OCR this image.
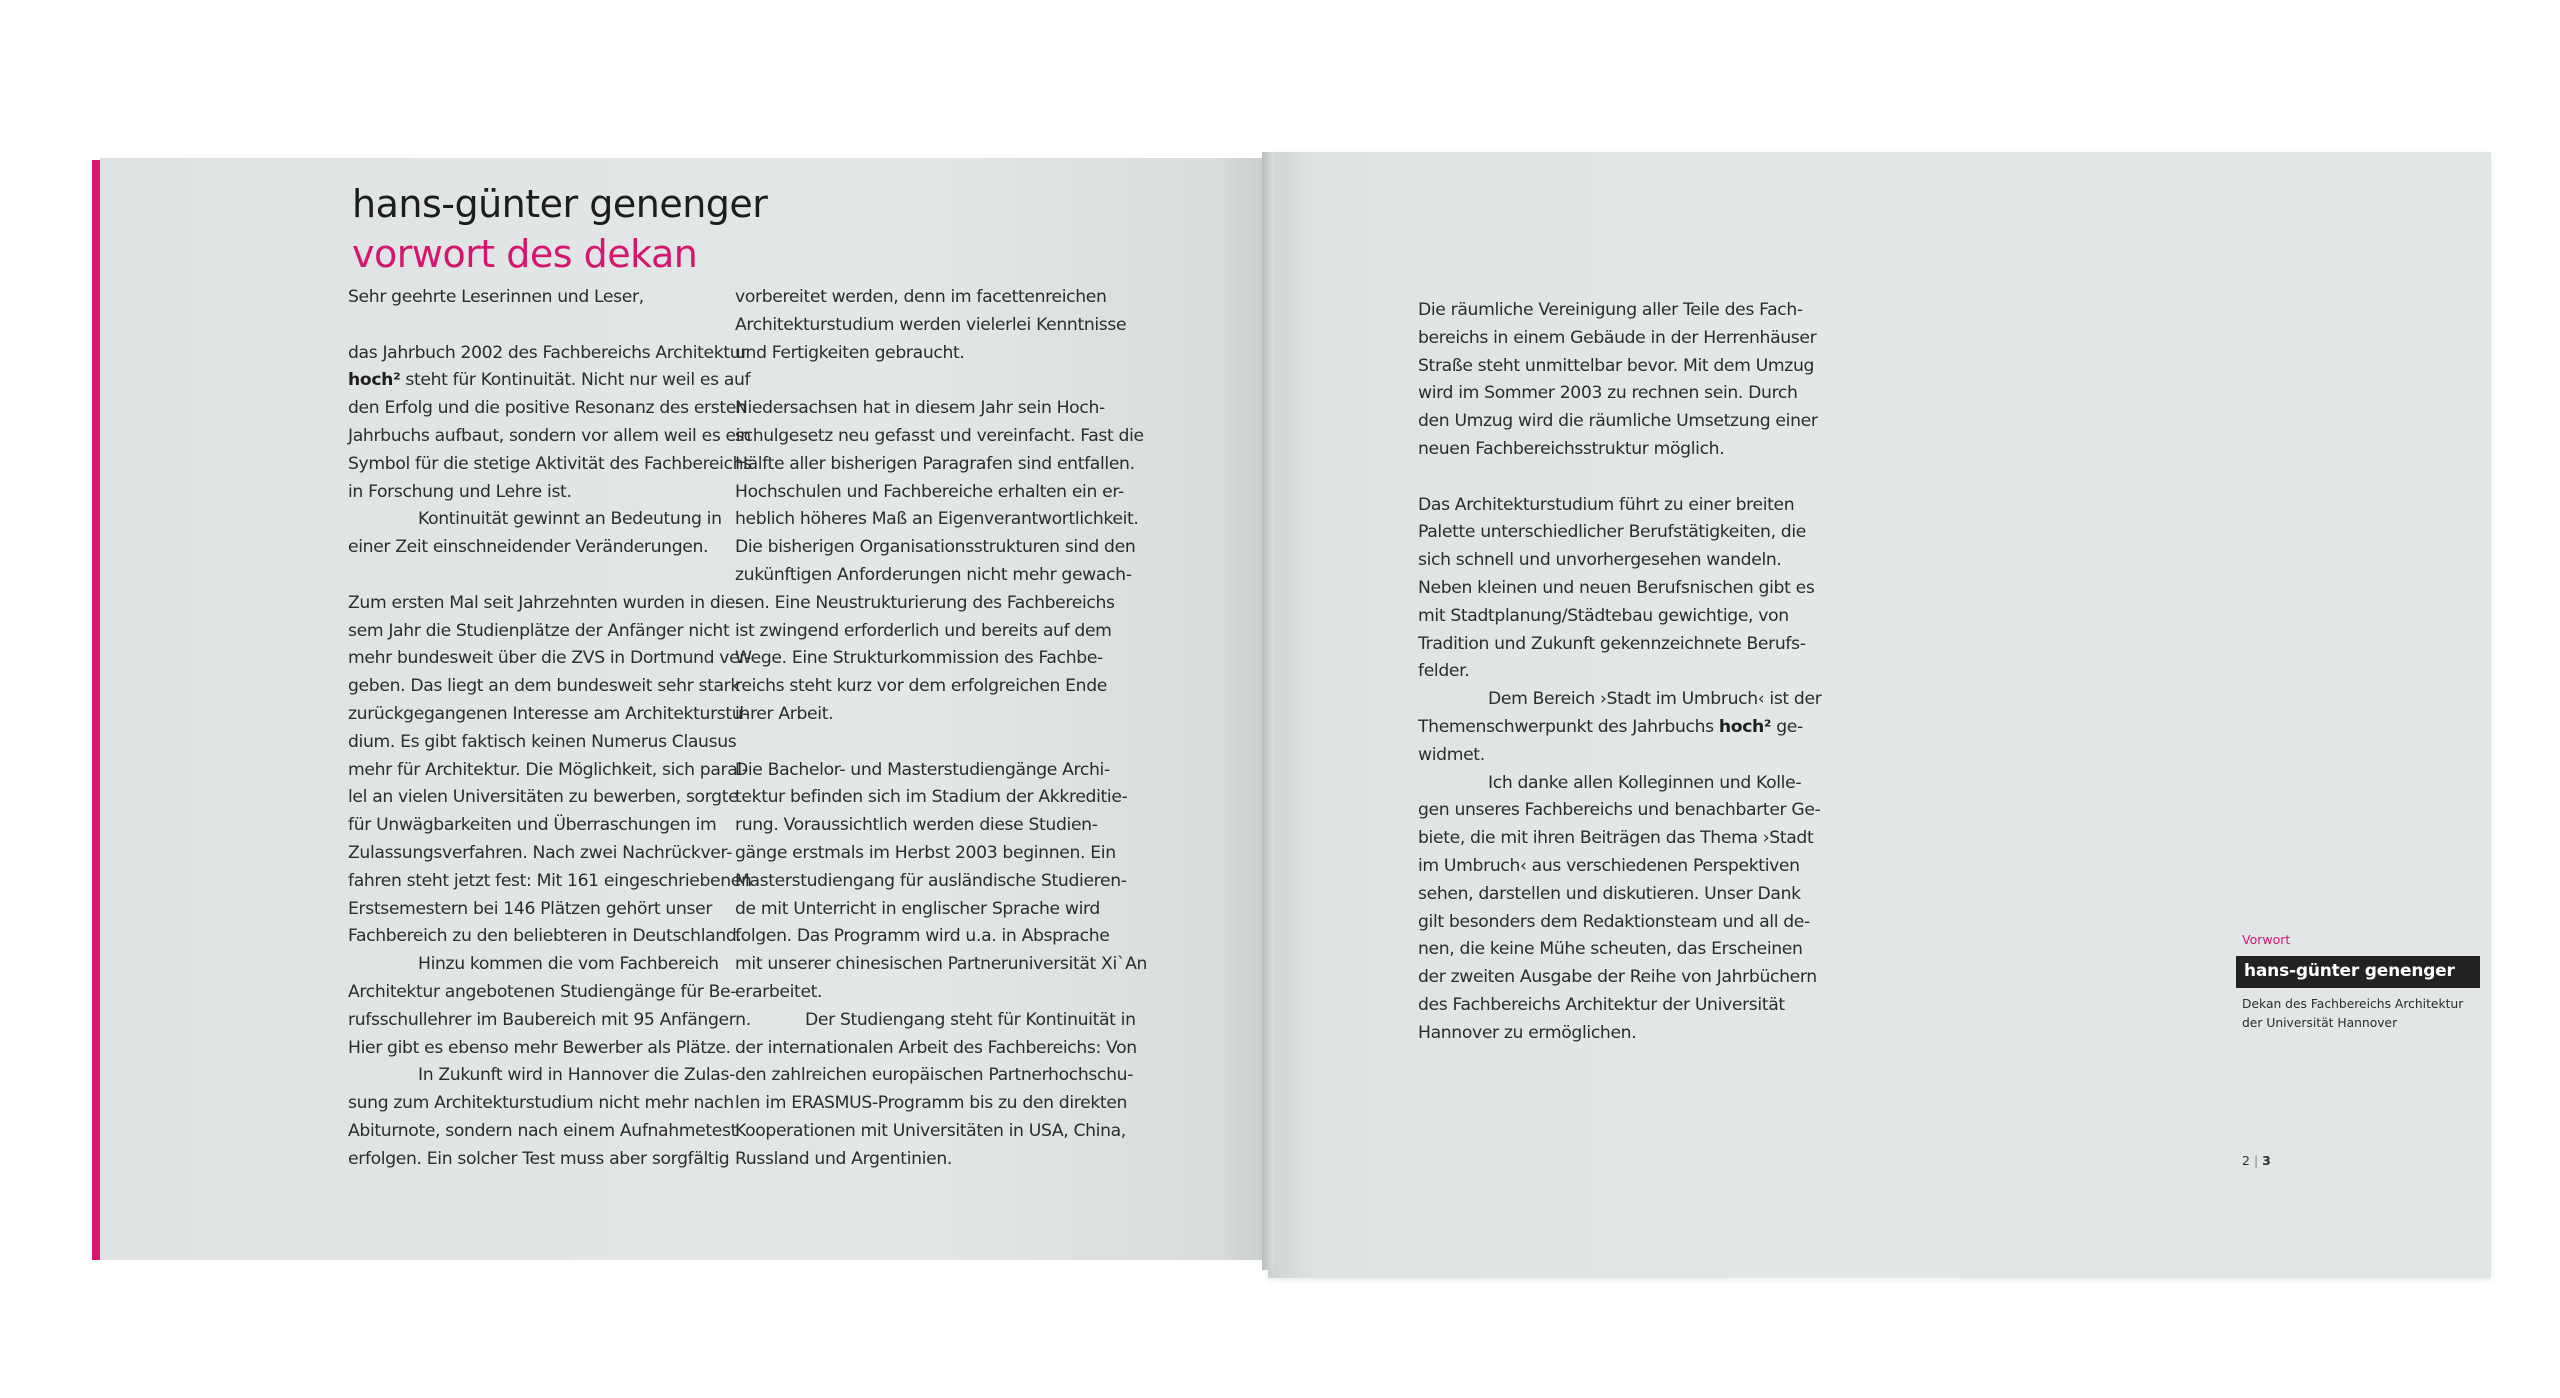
hans-günter genenger
vorwort des dekan

Sehr geehrte Leserinnen und Leser,

das Jahrbuch 2002 des Fachbereichs Architektur

hoch² steht für Kontinuität. Nicht nur weil es auf

den Erfolg und die positive Resonanz des ersten

Jahrbuchs aufbaut, sondern vor allem weil es ein

Symbol für die stetige Aktivität des Fachbereichs

in Forschung und Lehre ist.

Kontinuität gewinnt an Bedeutung in

einer Zeit einschneidender Veränderungen.

Zum ersten Mal seit Jahrzehnten wurden in die-

sem Jahr die Studienplätze der Anfänger nicht

mehr bundesweit über die ZVS in Dortmund ver-

geben. Das liegt an dem bundesweit sehr stark

zurückgegangenen Interesse am Architekturstu-

dium. Es gibt faktisch keinen Numerus Clausus

mehr für Architektur. Die Möglichkeit, sich paral-

lel an vielen Universitäten zu bewerben, sorgte

für Unwägbarkeiten und Überraschungen im

Zulassungsverfahren. Nach zwei Nachrückver-

fahren steht jetzt fest: Mit 161 eingeschriebenen

Erstsemestern bei 146 Plätzen gehört unser

Fachbereich zu den beliebteren in Deutschland.

Hinzu kommen die vom Fachbereich

Architektur angebotenen Studiengänge für Be-

rufsschullehrer im Baubereich mit 95 Anfängern.

Hier gibt es ebenso mehr Bewerber als Plätze.

In Zukunft wird in Hannover die Zulas-

sung zum Architekturstudium nicht mehr nach

Abiturnote, sondern nach einem Aufnahmetest

erfolgen. Ein solcher Test muss aber sorgfältig

vorbereitet werden, denn im facettenreichen

Architekturstudium werden vielerlei Kenntnisse

und Fertigkeiten gebraucht.

Niedersachsen hat in diesem Jahr sein Hoch-

schulgesetz neu gefasst und vereinfacht. Fast die

Hälfte aller bisherigen Paragrafen sind entfallen.

Hochschulen und Fachbereiche erhalten ein er-

heblich höheres Maß an Eigenverantwortlichkeit.

Die bisherigen Organisationsstrukturen sind den

zukünftigen Anforderungen nicht mehr gewach-

sen. Eine Neustrukturierung des Fachbereichs

ist zwingend erforderlich und bereits auf dem

Wege. Eine Strukturkommission des Fachbe-

reichs steht kurz vor dem erfolgreichen Ende

ihrer Arbeit.

Die Bachelor- und Masterstudiengänge Archi-

tektur befinden sich im Stadium der Akkreditie-

rung. Voraussichtlich werden diese Studien-

gänge erstmals im Herbst 2003 beginnen. Ein

Masterstudiengang für ausländische Studieren-

de mit Unterricht in englischer Sprache wird

folgen. Das Programm wird u.a. in Absprache

mit unserer chinesischen Partneruniversität Xi`An

erarbeitet.

Der Studiengang steht für Kontinuität in

der internationalen Arbeit des Fachbereichs: Von

den zahlreichen europäischen Partnerhochschu-

len im ERASMUS-Programm bis zu den direkten

Kooperationen mit Universitäten in USA, China,

Russland und Argentinien.

Die räumliche Vereinigung aller Teile des Fach-

bereichs in einem Gebäude in der Herrenhäuser

Straße steht unmittelbar bevor. Mit dem Umzug

wird im Sommer 2003 zu rechnen sein. Durch

den Umzug wird die räumliche Umsetzung einer

neuen Fachbereichsstruktur möglich.

Das Architekturstudium führt zu einer breiten

Palette unterschiedlicher Berufstätigkeiten, die

sich schnell und unvorhergesehen wandeln.

Neben kleinen und neuen Berufsnischen gibt es

mit Stadtplanung/Städtebau gewichtige, von

Tradition und Zukunft gekennzeichnete Berufs-

felder.

Dem Bereich ›Stadt im Umbruch‹ ist der

Themenschwerpunkt des Jahrbuchs hoch² ge-

widmet.

Ich danke allen Kolleginnen und Kolle-

gen unseres Fachbereichs und benachbarter Ge-

biete, die mit ihren Beiträgen das Thema ›Stadt

im Umbruch‹ aus verschiedenen Perspektiven

sehen, darstellen und diskutieren. Unser Dank

gilt besonders dem Redaktionsteam und all de-

nen, die keine Mühe scheuten, das Erscheinen

der zweiten Ausgabe der Reihe von Jahrbüchern

des Fachbereichs Architektur der Universität

Hannover zu ermöglichen.

Vorwort
hans-günter genenger
Dekan des Fachbereichs Architektur
der Universität Hannover
2 | 3
